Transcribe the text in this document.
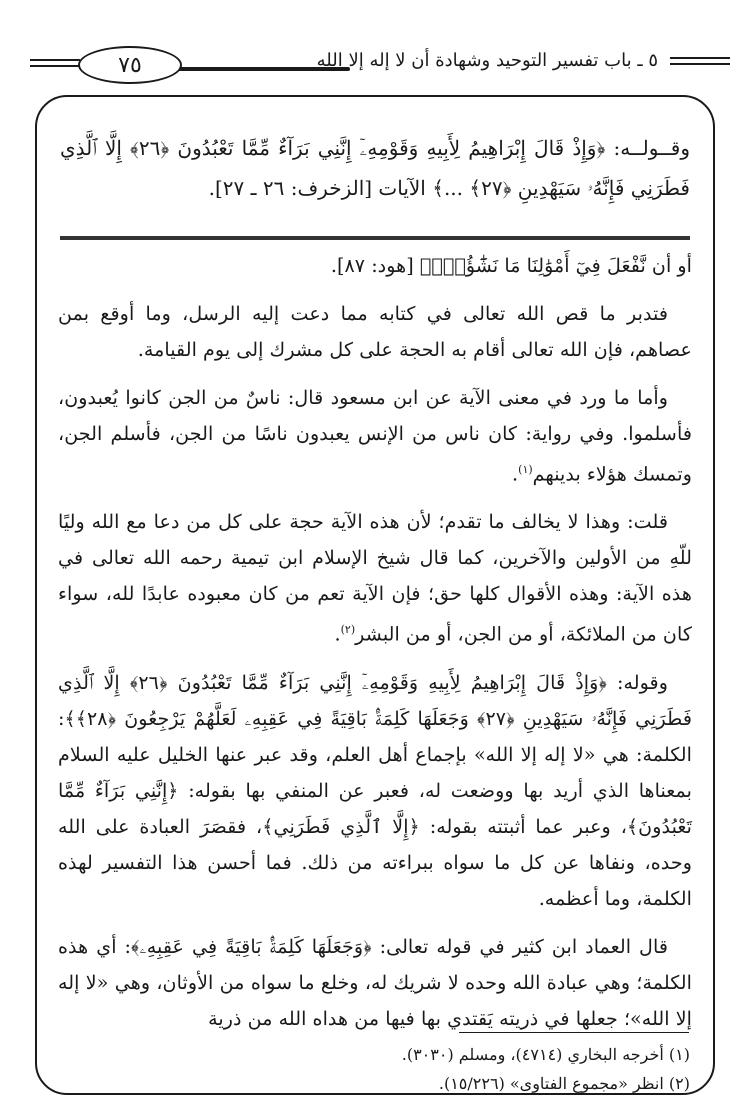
٧٥	٥ ـ باب تفسير التوحيد وشهادة أن لا إله إلا الله
وقــولــه: ﴿وَإِذْ قَالَ إِبْرَاهِيمُ لِأَبِيهِ وَقَوْمِهِۦٓ إِنَّنِي بَرَآءٌ مِّمَّا تَعْبُدُونَ ﴿٢٦﴾ إِلَّا ٱلَّذِي فَطَرَنِي فَإِنَّهُۥ سَيَهْدِينِ ﴿٢٧﴾ ...﴾ الآيات [الزخرف: ٢٦ ـ ٢٧].

أو أن نَّفْعَلَ فِيٓ أَمْوَٰلِنَا مَا نَشَٰٓؤُاْۖ﴾ [هود: ٨٧].

فتدبر ما قص الله تعالى في كتابه مما دعت إليه الرسل، وما أوقع بمن عصاهم، فإن الله تعالى أقام به الحجة على كل مشرك إلى يوم القيامة.

وأما ما ورد في معنى الآية عن ابن مسعود قال: ناسٌ من الجن كانوا يُعبدون، فأسلموا. وفي رواية: كان ناس من الإنس يعبدون ناسًا من الجن، فأسلم الجن، وتمسك هؤلاء بدينهم$^{(١)}$.

قلت: وهذا لا يخالف ما تقدم؛ لأن هذه الآية حجة على كل من دعا مع الله وليًا للّهِ من الأولين والآخرين، كما قال شيخ الإسلام ابن تيمية رحمه الله تعالى في هذه الآية: وهذه الأقوال كلها حق؛ فإن الآية تعم من كان معبوده عابدًا لله، سواء كان من الملائكة، أو من الجن، أو من البشر$^{(٢)}$.

وقوله: ﴿وَإِذْ قَالَ إِبْرَاهِيمُ لِأَبِيهِ وَقَوْمِهِۦٓ إِنَّنِي بَرَآءٌ مِّمَّا تَعْبُدُونَ ﴿٢٦﴾ إِلَّا ٱلَّذِي فَطَرَنِي فَإِنَّهُۥ سَيَهْدِينِ ﴿٢٧﴾ وَجَعَلَهَا كَلِمَةًۢ بَاقِيَةً فِي عَقِبِهِۦ لَعَلَّهُمْ يَرْجِعُونَ ﴿٢٨﴾﴾: الكلمة: هي «لا إله إلا الله» بإجماع أهل العلم، وقد عبر عنها الخليل عليه السلام بمعناها الذي أريد بها ووضعت له، فعبر عن المنفي بها بقوله: ﴿إِنَّنِي بَرَآءٌ مِّمَّا تَعْبُدُونَ﴾، وعبر عما أثبتته بقوله: ﴿إِلَّا ٱلَّذِي فَطَرَنِي﴾، فقصَرَ العبادة على الله وحده، ونفاها عن كل ما سواه ببراءته من ذلك. فما أحسن هذا التفسير لهذه الكلمة، وما أعظمه.

قال العماد ابن كثير في قوله تعالى: ﴿وَجَعَلَهَا كَلِمَةًۢ بَاقِيَةً فِي عَقِبِهِۦ﴾: أي هذه الكلمة؛ وهي عبادة الله وحده لا شريك له، وخلع ما سواه من الأوثان، وهي «لا إله إلا الله»؛ جعلها في ذريته يَقتدي بها فيها من هداه الله من ذرية

(١) أخرجه البخاري (٤٧١٤)، ومسلم (٣٠٣٠).

(٢) انظر «مجموع الفتاوى» (١٥/٢٢٦).
